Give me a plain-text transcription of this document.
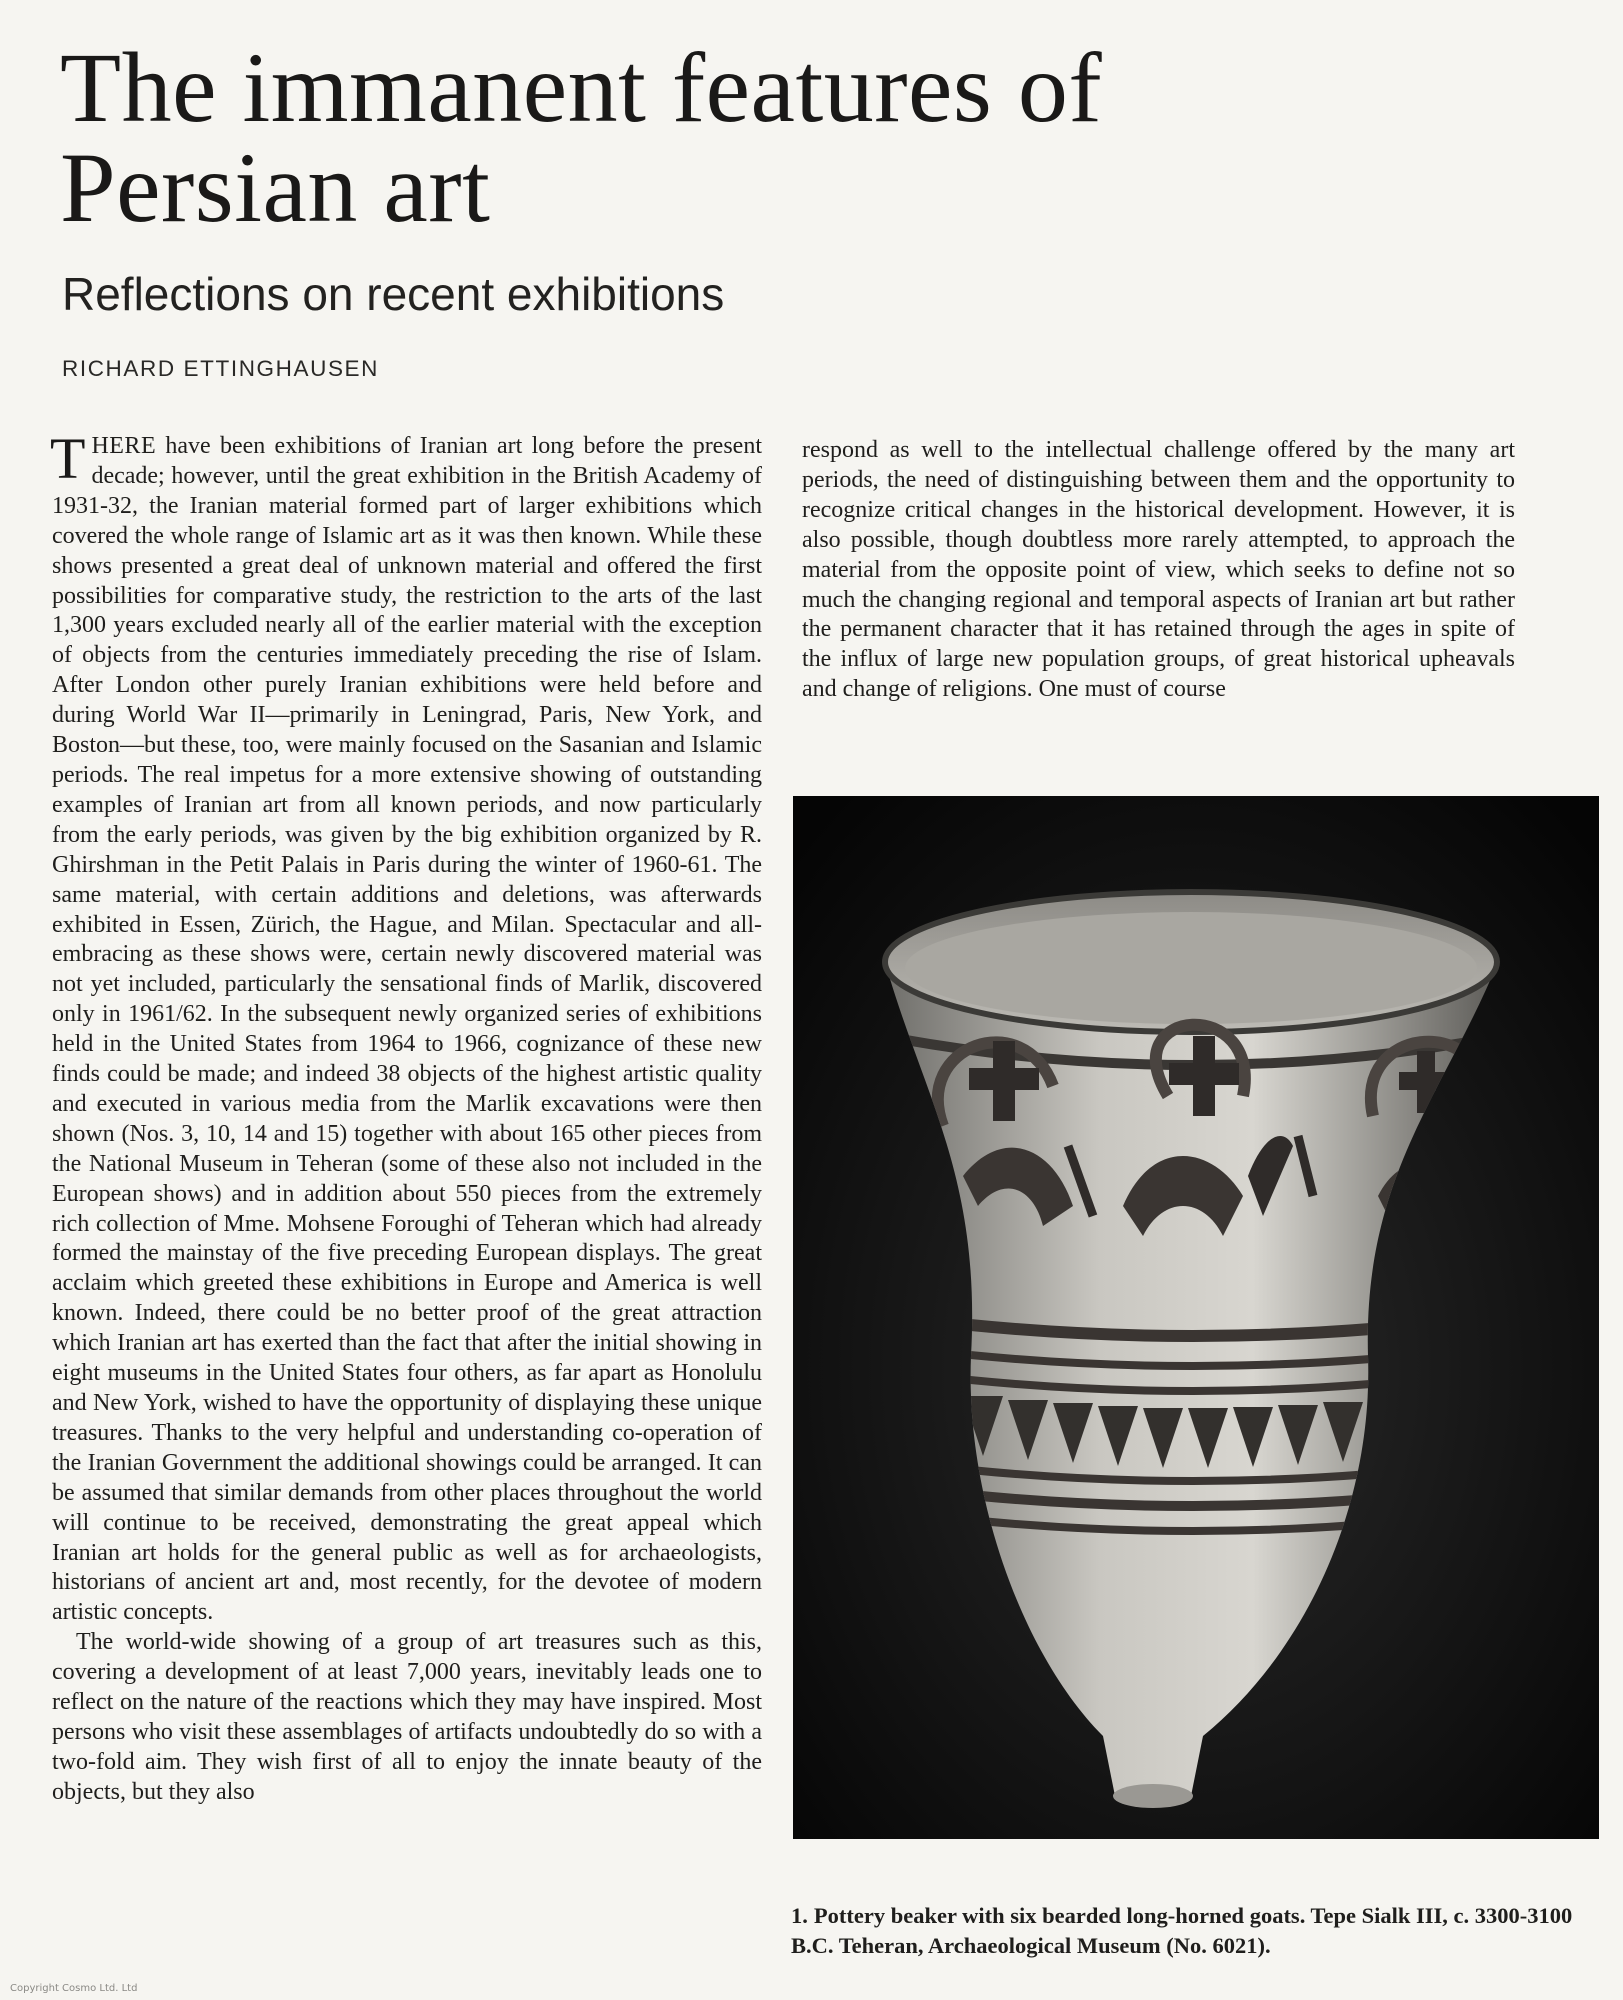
The immanent features of
Persian art
Reflections on recent exhibitions
RICHARD ETTINGHAUSEN

THERE have been exhibitions of Iranian art long before the present decade; however, until the great exhibition in the British Academy of 1931-32, the Iranian material formed part of larger exhibitions which covered the whole range of Islamic art as it was then known. While these shows presented a great deal of unknown material and offered the first possibilities for comparative study, the restriction to the arts of the last 1,300 years excluded nearly all of the earlier material with the exception of objects from the centuries immediately preceding the rise of Islam. After London other purely Iranian exhibitions were held before and during World War II—primarily in Leningrad, Paris, New York, and Boston—but these, too, were mainly focused on the Sasanian and Islamic periods. The real impetus for a more extensive showing of outstanding examples of Iranian art from all known periods, and now particularly from the early periods, was given by the big exhibition organized by R. Ghirshman in the Petit Palais in Paris during the winter of 1960-61. The same material, with certain additions and deletions, was afterwards exhibited in Essen, Zürich, the Hague, and Milan. Spectacular and all-embracing as these shows were, certain newly discovered material was not yet included, particularly the sensational finds of Marlik, discovered only in 1961/62. In the subsequent newly organized series of exhibitions held in the United States from 1964 to 1966, cognizance of these new finds could be made; and indeed 38 objects of the highest artistic quality and executed in various media from the Marlik excavations were then shown (Nos. 3, 10, 14 and 15) together with about 165 other pieces from the National Museum in Teheran (some of these also not included in the European shows) and in addition about 550 pieces from the extremely rich collection of Mme. Mohsene Foroughi of Teheran which had already formed the mainstay of the five preceding European displays. The great acclaim which greeted these exhibitions in Europe and America is well known. Indeed, there could be no better proof of the great attraction which Iranian art has exerted than the fact that after the initial showing in eight museums in the United States four others, as far apart as Honolulu and New York, wished to have the opportunity of displaying these unique treasures. Thanks to the very helpful and understanding co-operation of the Iranian Government the additional showings could be arranged. It can be assumed that similar demands from other places throughout the world will continue to be received, demonstrating the great appeal which Iranian art holds for the general public as well as for archaeologists, historians of ancient art and, most recently, for the devotee of modern artistic concepts.

The world-wide showing of a group of art treasures such as this, covering a development of at least 7,000 years, inevitably leads one to reflect on the nature of the reactions which they may have inspired. Most persons who visit these assemblages of artifacts undoubtedly do so with a two-fold aim. They wish first of all to enjoy the innate beauty of the objects, but they also

respond as well to the intellectual challenge offered by the many art periods, the need of distinguishing between them and the opportunity to recognize critical changes in the historical development. However, it is also possible, though doubtless more rarely attempted, to approach the material from the opposite point of view, which seeks to define not so much the changing regional and temporal aspects of Iranian art but rather the permanent character that it has retained through the ages in spite of the influx of large new population groups, of great historical upheavals and change of religions. One must of course

1. Pottery beaker with six bearded long-horned goats. Tepe Sialk III, c. 3300-3100 B.C. Teheran, Archaeological Museum (No. 6021).
Copyright Cosmo Ltd. Ltd
